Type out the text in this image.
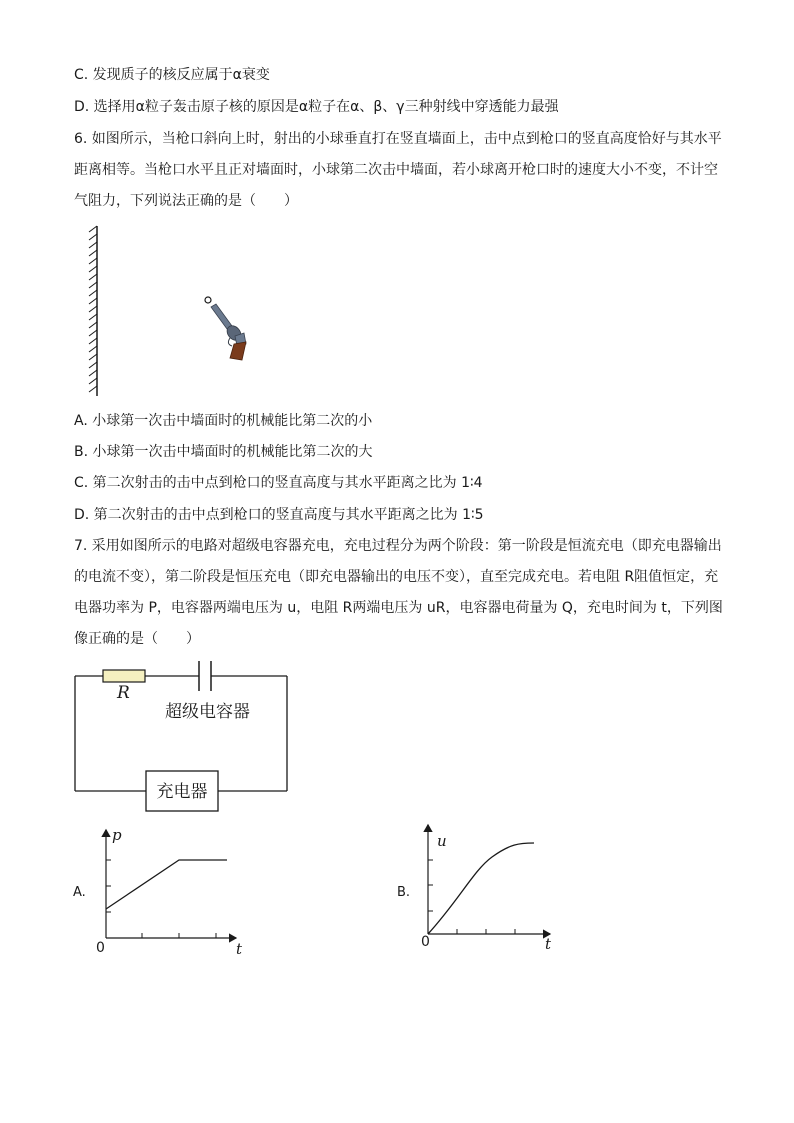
C. 发现质子的核反应属于α衰变
D. 选择用α粒子轰击原子核的原因是α粒子在α、β、γ三种射线中穿透能力最强
6. 如图所示，当枪口斜向上时，射出的小球垂直打在竖直墙面上，击中点到枪口的竖直高度恰好与其水平
距离相等。当枪口水平且正对墙面时，小球第二次击中墙面，若小球离开枪口时的速度大小不变，不计空
气阻力，下列说法正确的是（　　）
A. 小球第一次击中墙面时的机械能比第二次的小
B. 小球第一次击中墙面时的机械能比第二次的大
C. 第二次射击的击中点到枪口的竖直高度与其水平距离之比为 1∶4
D. 第二次射击的击中点到枪口的竖直高度与其水平距离之比为 1∶5
7. 采用如图所示的电路对超级电容器充电，充电过程分为两个阶段：第一阶段是恒流充电（即充电器输出
的电流不变），第二阶段是恒压充电（即充电器输出的电压不变），直至完成充电。若电阻 R阻值恒定，充
电器功率为 P，电容器两端电压为 u，电阻 R两端电压为 uR，电容器电荷量为 Q，充电时间为 t，下列图
像正确的是（　　）
R
超级电容器
充电器
A.
p
t
0
B.
u
t
0
